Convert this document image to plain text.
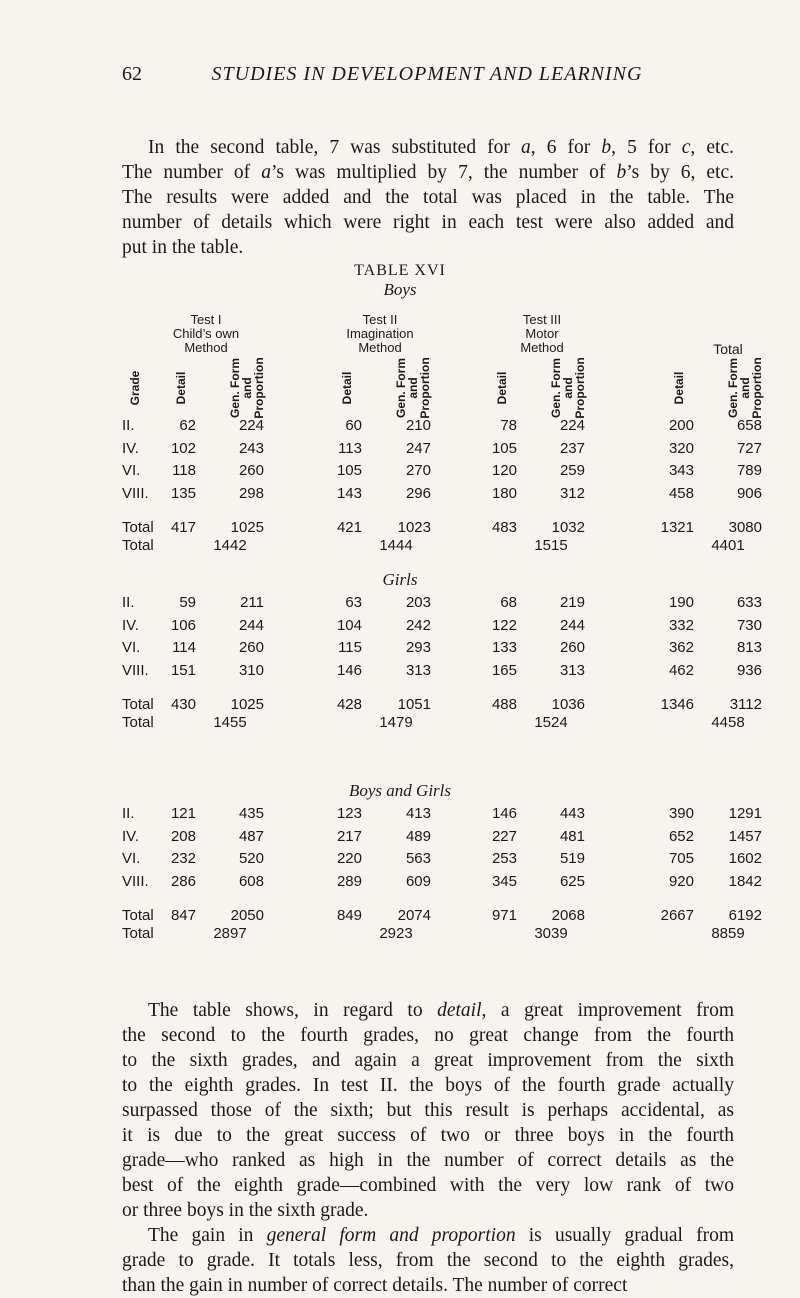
62	STUDIES IN DEVELOPMENT AND LEARNING
In the second table, 7 was substituted for a, 6 for b, 5 for c, etc.
The number of a’s was multiplied by 7, the number of b’s by 6, etc.
The results were added and the total was placed in the table. The
number of details which were right in each test were also added and
put in the table.
TABLE XVI
Test I
Child’s own
Method
Test II
Imagination
Method
Test III
Motor
Method	Total
Grade	Detail	Gen. Form and Proportion	Detail	Gen. Form and Proportion	Detail	Gen. Form and Proportion	Detail	Gen. Form and Proportion
Boys
II.	62	224	60	210	78	224	200	658
IV.	102	243	113	247	105	237	320	727
VI.	118	260	105	270	120	259	343	789
VIII.	135	298	143	296	180	312	458	906
Total	417	1025	421	1023	483	1032	1321	3080
Total	1442	1444	1515	4401
Girls
II.	59	211	63	203	68	219	190	633
IV.	106	244	104	242	122	244	332	730
VI.	114	260	115	293	133	260	362	813
VIII.	151	310	146	313	165	313	462	936
Total	430	1025	428	1051	488	1036	1346	3112
Total	1455	1479	1524	4458
Boys and Girls
II.	121	435	123	413	146	443	390	1291
IV.	208	487	217	489	227	481	652	1457
VI.	232	520	220	563	253	519	705	1602
VIII.	286	608	289	609	345	625	920	1842
Total	847	2050	849	2074	971	2068	2667	6192
Total	2897	2923	3039	8859
The table shows, in regard to detail, a great improvement from
the second to the fourth grades, no great change from the fourth
to the sixth grades, and again a great improvement from the sixth
to the eighth grades. In test II. the boys of the fourth grade actually
surpassed those of the sixth; but this result is perhaps accidental, as
it is due to the great success of two or three boys in the fourth
grade—who ranked as high in the number of correct details as the
best of the eighth grade—combined with the very low rank of two
or three boys in the sixth grade.
The gain in general form and proportion is usually gradual from
grade to grade. It totals less, from the second to the eighth grades,
than the gain in number of correct details. The number of correct
